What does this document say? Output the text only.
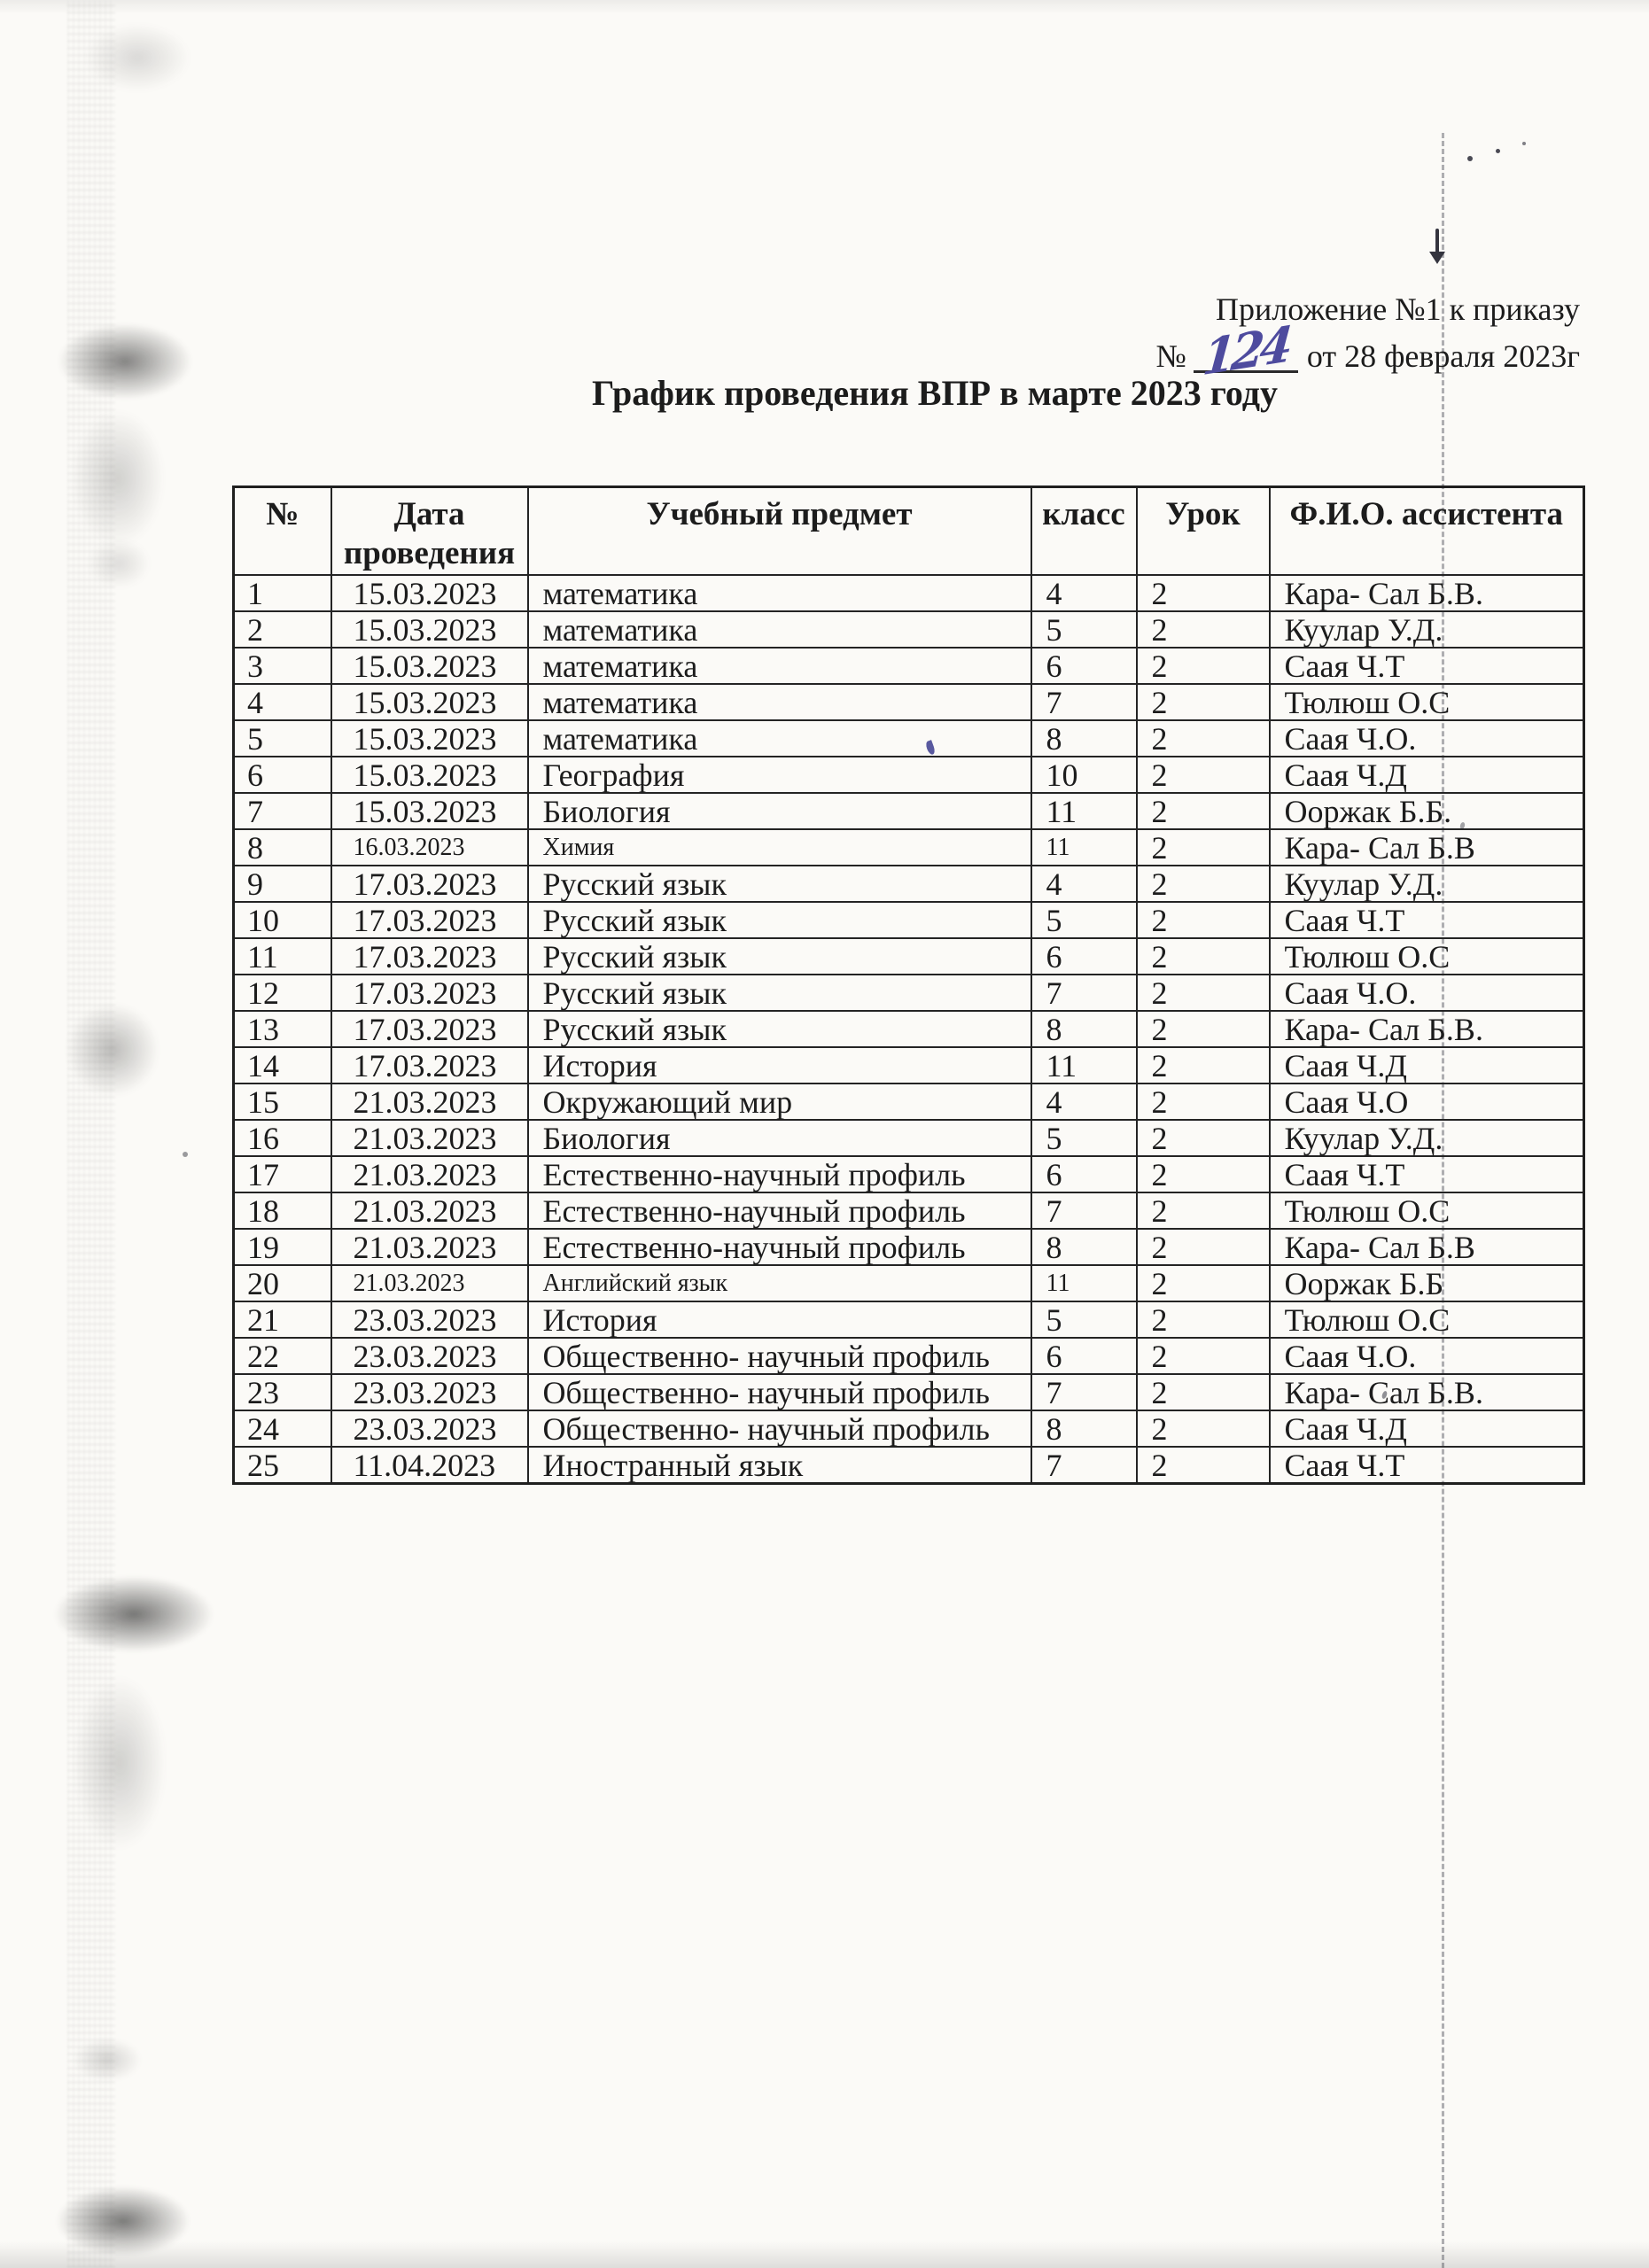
Приложение №1 к приказу
№ 124 от 28 февраля 2023г
График проведения ВПР в марте 2023 году
№	Дата проведения	Учебный предмет	класс	Урок	Ф.И.О. ассистента
1	15.03.2023	математика	4	2	Кара- Сал Б.В.
2	15.03.2023	математика	5	2	Куулар У.Д.
3	15.03.2023	математика	6	2	Саая Ч.Т
4	15.03.2023	математика	7	2	Тюлюш О.С
5	15.03.2023	математика	8	2	Саая Ч.О.
6	15.03.2023	География	10	2	Саая Ч.Д
7	15.03.2023	Биология	11	2	Ооржак Б.Б.
8	16.03.2023	Химия	11	2	Кара- Сал Б.В
9	17.03.2023	Русский язык	4	2	Куулар У.Д.
10	17.03.2023	Русский язык	5	2	Саая Ч.Т
11	17.03.2023	Русский язык	6	2	Тюлюш О.С
12	17.03.2023	Русский язык	7	2	Саая Ч.О.
13	17.03.2023	Русский язык	8	2	Кара- Сал Б.В.
14	17.03.2023	История	11	2	Саая Ч.Д
15	21.03.2023	Окружающий мир	4	2	Саая Ч.О
16	21.03.2023	Биология	5	2	Куулар У.Д.
17	21.03.2023	Естественно-научный профиль	6	2	Саая Ч.Т
18	21.03.2023	Естественно-научный профиль	7	2	Тюлюш О.С
19	21.03.2023	Естественно-научный профиль	8	2	Кара- Сал Б.В
20	21.03.2023	Английский язык	11	2	Ооржак Б.Б
21	23.03.2023	История	5	2	Тюлюш О.С
22	23.03.2023	Общественно- научный профиль	6	2	Саая Ч.О.
23	23.03.2023	Общественно- научный профиль	7	2	Кара- Сал Б.В.
24	23.03.2023	Общественно- научный профиль	8	2	Саая Ч.Д
25	11.04.2023	Иностранный язык	7	2	Саая Ч.Т
